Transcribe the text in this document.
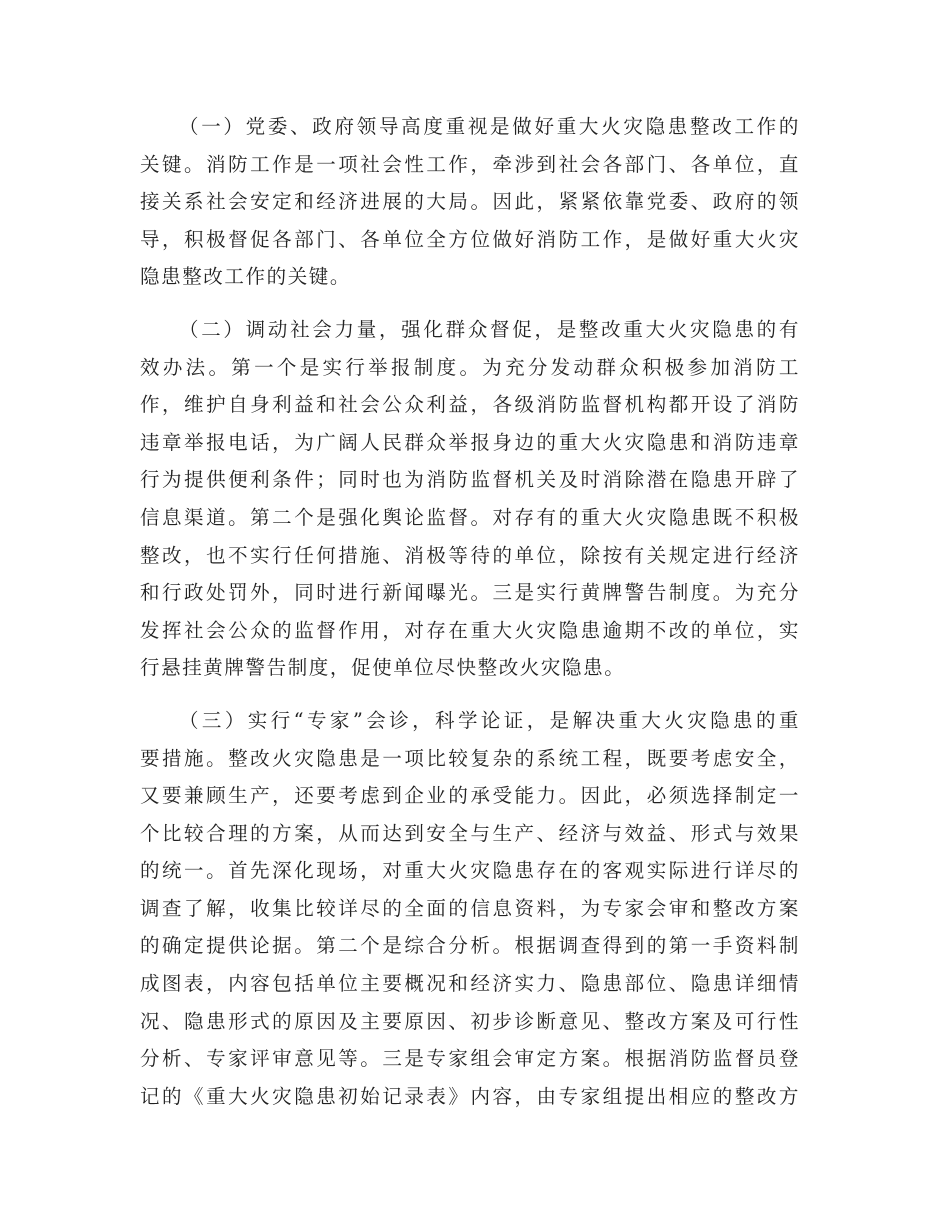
（一）党委、政府领导高度重视是做好重大火灾隐患整改工作的
关键。消防工作是一项社会性工作，牵涉到社会各部门、各单位，直
接关系社会安定和经济进展的大局。因此，紧紧依靠党委、政府的领
导，积极督促各部门、各单位全方位做好消防工作，是做好重大火灾
隐患整改工作的关键。

（二）调动社会力量，强化群众督促，是整改重大火灾隐患的有
效办法。第一个是实行举报制度。为充分发动群众积极参加消防工
作，维护自身利益和社会公众利益，各级消防监督机构都开设了消防
违章举报电话，为广阔人民群众举报身边的重大火灾隐患和消防违章
行为提供便利条件；同时也为消防监督机关及时消除潜在隐患开辟了
信息渠道。第二个是强化舆论监督。对存有的重大火灾隐患既不积极
整改，也不实行任何措施、消极等待的单位，除按有关规定进行经济
和行政处罚外，同时进行新闻曝光。三是实行黄牌警告制度。为充分
发挥社会公众的监督作用，对存在重大火灾隐患逾期不改的单位，实
行悬挂黄牌警告制度，促使单位尽快整改火灾隐患。

（三）实行“专家”会诊，科学论证，是解决重大火灾隐患的重
要措施。整改火灾隐患是一项比较复杂的系统工程，既要考虑安全，
又要兼顾生产，还要考虑到企业的承受能力。因此，必须选择制定一
个比较合理的方案，从而达到安全与生产、经济与效益、形式与效果
的统一。首先深化现场，对重大火灾隐患存在的客观实际进行详尽的
调查了解，收集比较详尽的全面的信息资料，为专家会审和整改方案
的确定提供论据。第二个是综合分析。根据调查得到的第一手资料制
成图表，内容包括单位主要概况和经济实力、隐患部位、隐患详细情
况、隐患形式的原因及主要原因、初步诊断意见、整改方案及可行性
分析、专家评审意见等。三是专家组会审定方案。根据消防监督员登
记的《重大火灾隐患初始记录表》内容，由专家组提出相应的整改方
